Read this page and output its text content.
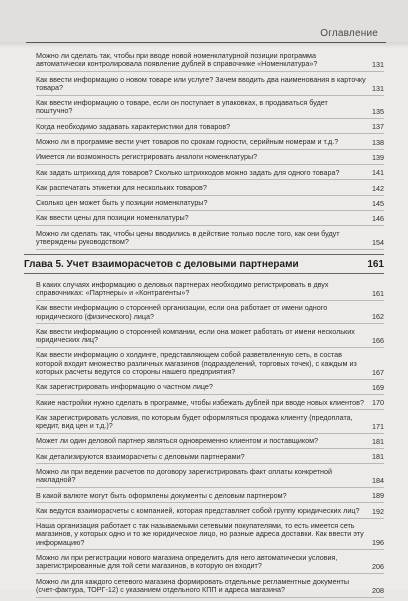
Оглавление
Можно ли сделать так, чтобы при вводе новой номенклатурной позиции программа автоматически контролировала появление дублей в справочнике «Номенклатура»?	131
Как ввести информацию о новом товаре или услуге? Зачем вводить два наименования в карточку товара?	131
Как ввести информацию о товаре, если он поступает в упаковках, в продаваться будет поштучно?	135
Когда необходимо задавать характеристики для товаров?	137
Можно ли в программе вести учет товаров по срокам годности, серийным номерам и т.д.?	138
Имеется ли возможность регистрировать аналоги номенклатуры?	139
Как задать штрихкод для товаров? Сколько штрихкодов можно задать для одного товара?	141
Как распечатать этикетки для нескольких товаров?	142
Сколько цен может быть у позиции номенклатуры?	145
Как ввести цены для позиции номенклатуры?	146
Можно ли сделать так, чтобы цены вводились в действие только после того, как они будут утверждены руководством?	154
Глава 5. Учет взаиморасчетов с деловыми партнерами	161
В каких случаях информацию о деловых партнерах необходимо регистрировать в двух справочниках: «Партнеры» и «Контрагенты»?	161
Как ввести информацию о сторонней организации, если она работает от имени одного юридического (физического) лица?	162
Как ввести информацию о сторонней компании, если она может работать от имени нескольких юридических лиц?	166
Как ввести информацию о холдинге, представляющем собой разветвленную сеть, в состав которой входит множество различных магазинов (подразделений, торговых точек), с каждым из которых расчеты ведутся со стороны нашего предприятия?	167
Как зарегистрировать информацию о частном лице?	169
Какие настройки нужно сделать в программе, чтобы избежать дублей при вводе новых клиентов?	170
Как зарегистрировать условия, по которым будет оформляться продажа клиенту (предоплата, кредит, вид цен и т.д.)?	171
Может ли один деловой партнер являться одновременно клиентом и поставщиком?	181
Как детализируются взаиморасчеты с деловыми партнерами?	181
Можно ли при ведении расчетов по договору зарегистрировать факт оплаты конкретной накладной?	184
В какой валюте могут быть оформлены документы с деловым партнером?	189
Как ведутся взаиморасчеты с компанией, которая представляет собой группу юридических лиц?	192
Наша организация работает с так называемыми сетевыми покупателями, то есть имеется сеть магазинов, у которых одно и то же юридическое лицо, но разные адреса доставки. Как ввести эту информацию?	196
Можно ли при регистрации нового магазина определить для него автоматически условия, зарегистрированные для той сети магазинов, в которую он входит?	206
Можно ли для каждого сетевого магазина формировать отдельные регламентные документы (счет-фактура, ТОРГ-12) с указанием отдельного КПП и адреса магазина?	208
